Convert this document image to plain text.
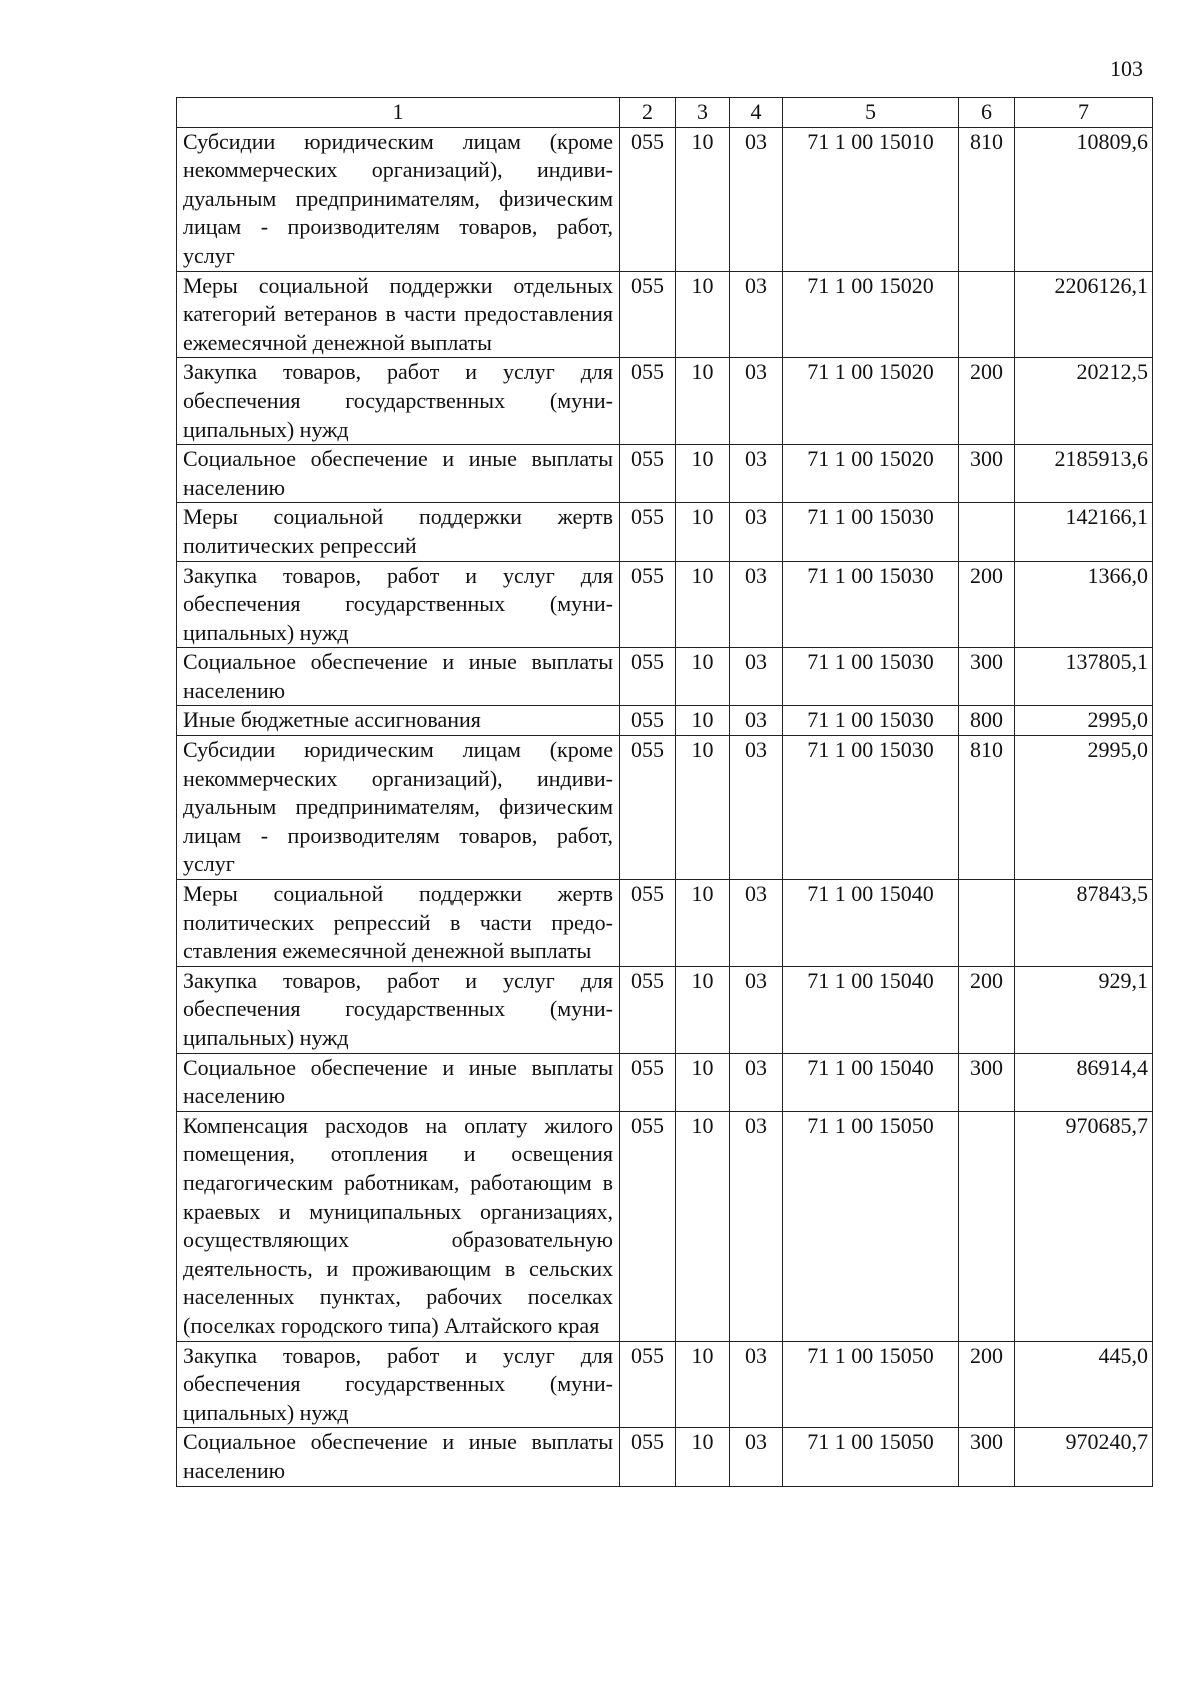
103
1	2	3	4	5	6	7
Субсидии юридическим лицам (кроме некоммерческих организаций), индивидуальным предпринимателям, физическим лицам - производителям товаров, работ, услуг	055	10	03	71 1 00 15010	810	10809,6
Меры социальной поддержки отдельных категорий ветеранов в части предоставления ежемесячной денежной выплаты	055	10	03	71 1 00 15020		2206126,1
Закупка товаров, работ и услуг для обеспечения государственных (муниципальных) нужд	055	10	03	71 1 00 15020	200	20212,5
Социальное обеспечение и иные выплаты населению	055	10	03	71 1 00 15020	300	2185913,6
Меры социальной поддержки жертв политических репрессий	055	10	03	71 1 00 15030		142166,1
Закупка товаров, работ и услуг для обеспечения государственных (муниципальных) нужд	055	10	03	71 1 00 15030	200	1366,0
Социальное обеспечение и иные выплаты населению	055	10	03	71 1 00 15030	300	137805,1
Иные бюджетные ассигнования	055	10	03	71 1 00 15030	800	2995,0
Субсидии юридическим лицам (кроме некоммерческих организаций), индивидуальным предпринимателям, физическим лицам - производителям товаров, работ, услуг	055	10	03	71 1 00 15030	810	2995,0
Меры социальной поддержки жертв политических репрессий в части предоставления ежемесячной денежной выплаты	055	10	03	71 1 00 15040		87843,5
Закупка товаров, работ и услуг для обеспечения государственных (муниципальных) нужд	055	10	03	71 1 00 15040	200	929,1
Социальное обеспечение и иные выплаты населению	055	10	03	71 1 00 15040	300	86914,4
Компенсация расходов на оплату жилого помещения, отопления и освещения педагогическим работникам, работающим в краевых и муниципальных организациях, осуществляющих образовательную деятельность, и проживающим в сельских населенных пунктах, рабочих поселках (поселках городского типа) Алтайского края	055	10	03	71 1 00 15050		970685,7
Закупка товаров, работ и услуг для обеспечения государственных (муниципальных) нужд	055	10	03	71 1 00 15050	200	445,0
Социальное обеспечение и иные выплаты населению	055	10	03	71 1 00 15050	300	970240,7
